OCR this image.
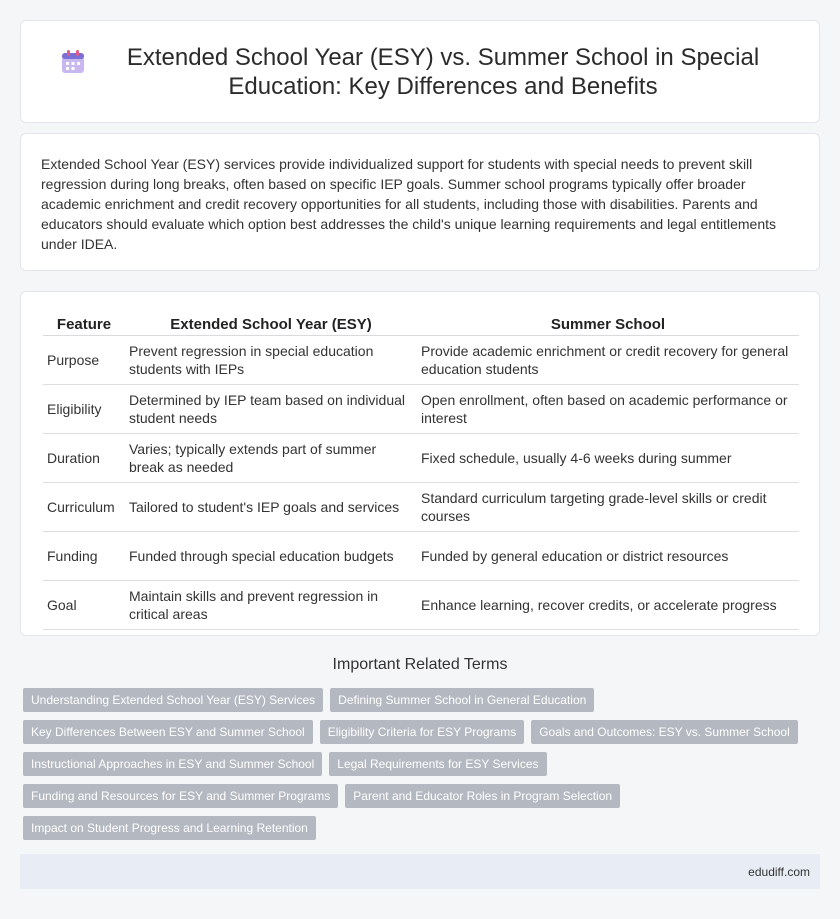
Extended School Year (ESY) vs. Summer School in Special Education: Key Differences and Benefits

Extended School Year (ESY) services provide individualized support for students with special needs to prevent skill regression during long breaks, often based on specific IEP goals. Summer school programs typically offer broader academic enrichment and credit recovery opportunities for all students, including those with disabilities. Parents and educators should evaluate which option best addresses the child's unique learning requirements and legal entitlements under IDEA.

Feature	Extended School Year (ESY)	Summer School
Purpose	Prevent regression in special education students with IEPs	Provide academic enrichment or credit recovery for general education students
Eligibility	Determined by IEP team based on individual student needs	Open enrollment, often based on academic performance or interest
Duration	Varies; typically extends part of summer break as needed	Fixed schedule, usually 4-6 weeks during summer
Curriculum	Tailored to student's IEP goals and services	Standard curriculum targeting grade-level skills or credit courses
Funding	Funded through special education budgets	Funded by general education or district resources
Goal	Maintain skills and prevent regression in critical areas	Enhance learning, recover credits, or accelerate progress
Important Related Terms
Understanding Extended School Year (ESY) Services	Defining Summer School in General Education
Key Differences Between ESY and Summer School	Eligibility Criteria for ESY Programs	Goals and Outcomes: ESY vs. Summer School
Instructional Approaches in ESY and Summer School	Legal Requirements for ESY Services
Funding and Resources for ESY and Summer Programs	Parent and Educator Roles in Program Selection
Impact on Student Progress and Learning Retention
edudiff.com
